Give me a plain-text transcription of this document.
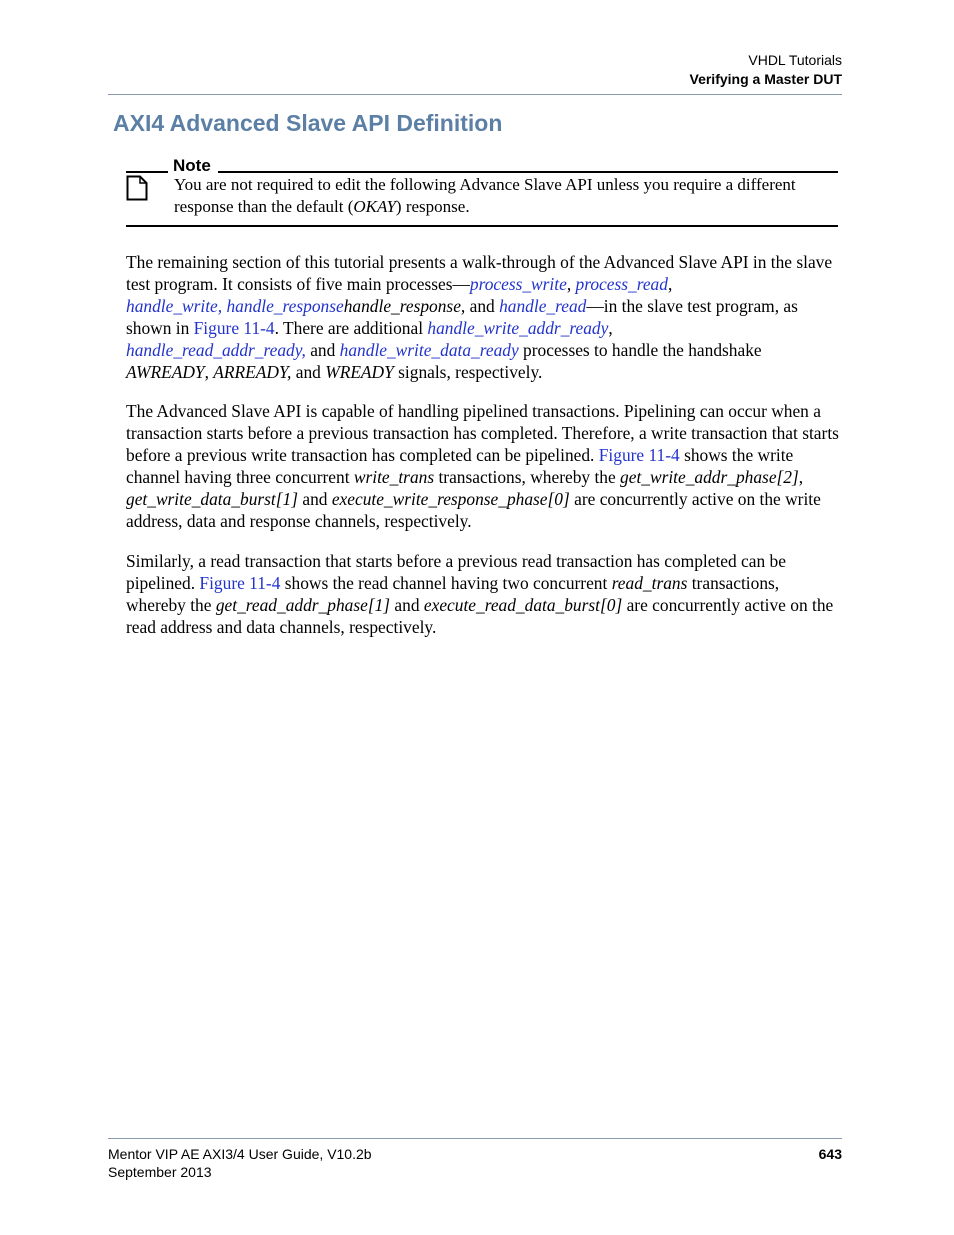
VHDL Tutorials
Verifying a Master DUT
AXI4 Advanced Slave API Definition
Note
You are not required to edit the following Advance Slave API unless you require a different response than the default (OKAY) response.
The remaining section of this tutorial presents a walk-through of the Advanced Slave API in the slave test program. It consists of five main processes—process_write, process_read,
handle_write, handle_responsehandle_response, and handle_read—in the slave test program, as shown in Figure 11-4. There are additional handle_write_addr_ready,
handle_read_addr_ready, and handle_write_data_ready processes to handle the handshake
AWREADY, ARREADY, and WREADY signals, respectively.
The Advanced Slave API is capable of handling pipelined transactions. Pipelining can occur when a transaction starts before a previous transaction has completed. Therefore, a write transaction that starts before a previous write transaction has completed can be pipelined. Figure 11-4 shows the write channel having three concurrent write_trans transactions, whereby the get_write_addr_phase[2], get_write_data_burst[1] and execute_write_response_phase[0] are concurrently active on the write address, data and response channels, respectively.
Similarly, a read transaction that starts before a previous read transaction has completed can be pipelined. Figure 11-4 shows the read channel having two concurrent read_trans transactions, whereby the get_read_addr_phase[1] and execute_read_data_burst[0] are concurrently active on the read address and data channels, respectively.
Mentor VIP AE AXI3/4 User Guide, V10.2b
September 2013
643
